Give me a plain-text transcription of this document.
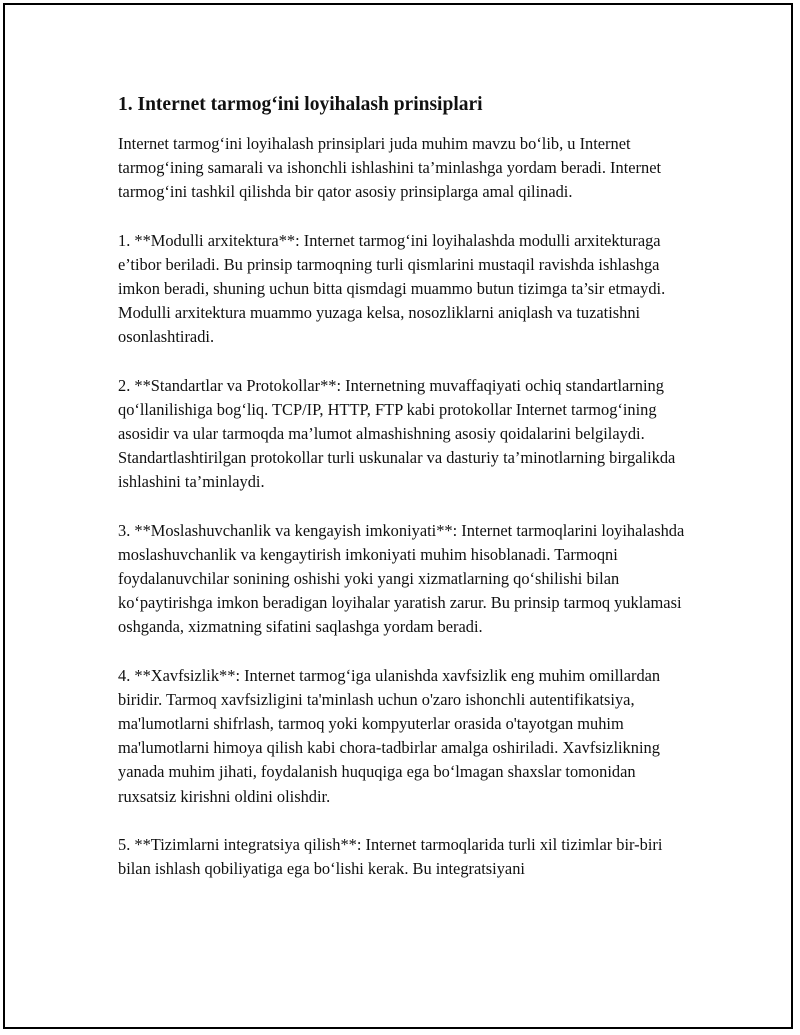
1. Internet tarmog‘ini loyihalash prinsiplari

Internet tarmog‘ini loyihalash prinsiplari juda muhim mavzu bo‘lib, u Internet tarmog‘ining samarali va ishonchli ishlashini ta’minlashga yordam beradi. Internet tarmog‘ini tashkil qilishda bir qator asosiy prinsiplarga amal qilinadi.

1. **Modulli arxitektura**: Internet tarmog‘ini loyihalashda modulli arxitekturaga e’tibor beriladi. Bu prinsip tarmoqning turli qismlarini mustaqil ravishda ishlashga imkon beradi, shuning uchun bitta qismdagi muammo butun tizimga ta’sir etmaydi. Modulli arxitektura muammo yuzaga kelsa, nosozliklarni aniqlash va tuzatishni osonlashtiradi.

2. **Standartlar va Protokollar**: Internetning muvaffaqiyati ochiq standartlarning qo‘llanilishiga bog‘liq. TCP/IP, HTTP, FTP kabi protokollar Internet tarmog‘ining asosidir va ular tarmoqda ma’lumot almashishning asosiy qoidalarini belgilaydi. Standartlashtirilgan protokollar turli uskunalar va dasturiy ta’minotlarning birgalikda ishlashini ta’minlaydi.

3. **Moslashuvchanlik va kengayish imkoniyati**: Internet tarmoqlarini loyihalashda moslashuvchanlik va kengaytirish imkoniyati muhim hisoblanadi. Tarmoqni foydalanuvchilar sonining oshishi yoki yangi xizmatlarning qo‘shilishi bilan ko‘paytirishga imkon beradigan loyihalar yaratish zarur. Bu prinsip tarmoq yuklamasi oshganda, xizmatning sifatini saqlashga yordam beradi.

4. **Xavfsizlik**: Internet tarmog‘iga ulanishda xavfsizlik eng muhim omillardan biridir. Tarmoq xavfsizligini ta'minlash uchun o'zaro ishonchli autentifikatsiya, ma'lumotlarni shifrlash, tarmoq yoki kompyuterlar orasida o'tayotgan muhim ma'lumotlarni himoya qilish kabi chora-tadbirlar amalga oshiriladi. Xavfsizlikning yanada muhim jihati, foydalanish huquqiga ega bo‘lmagan shaxslar tomonidan ruxsatsiz kirishni oldini olishdir.

5. **Tizimlarni integratsiya qilish**: Internet tarmoqlarida turli xil tizimlar bir-biri bilan ishlash qobiliyatiga ega bo‘lishi kerak. Bu integratsiyani
